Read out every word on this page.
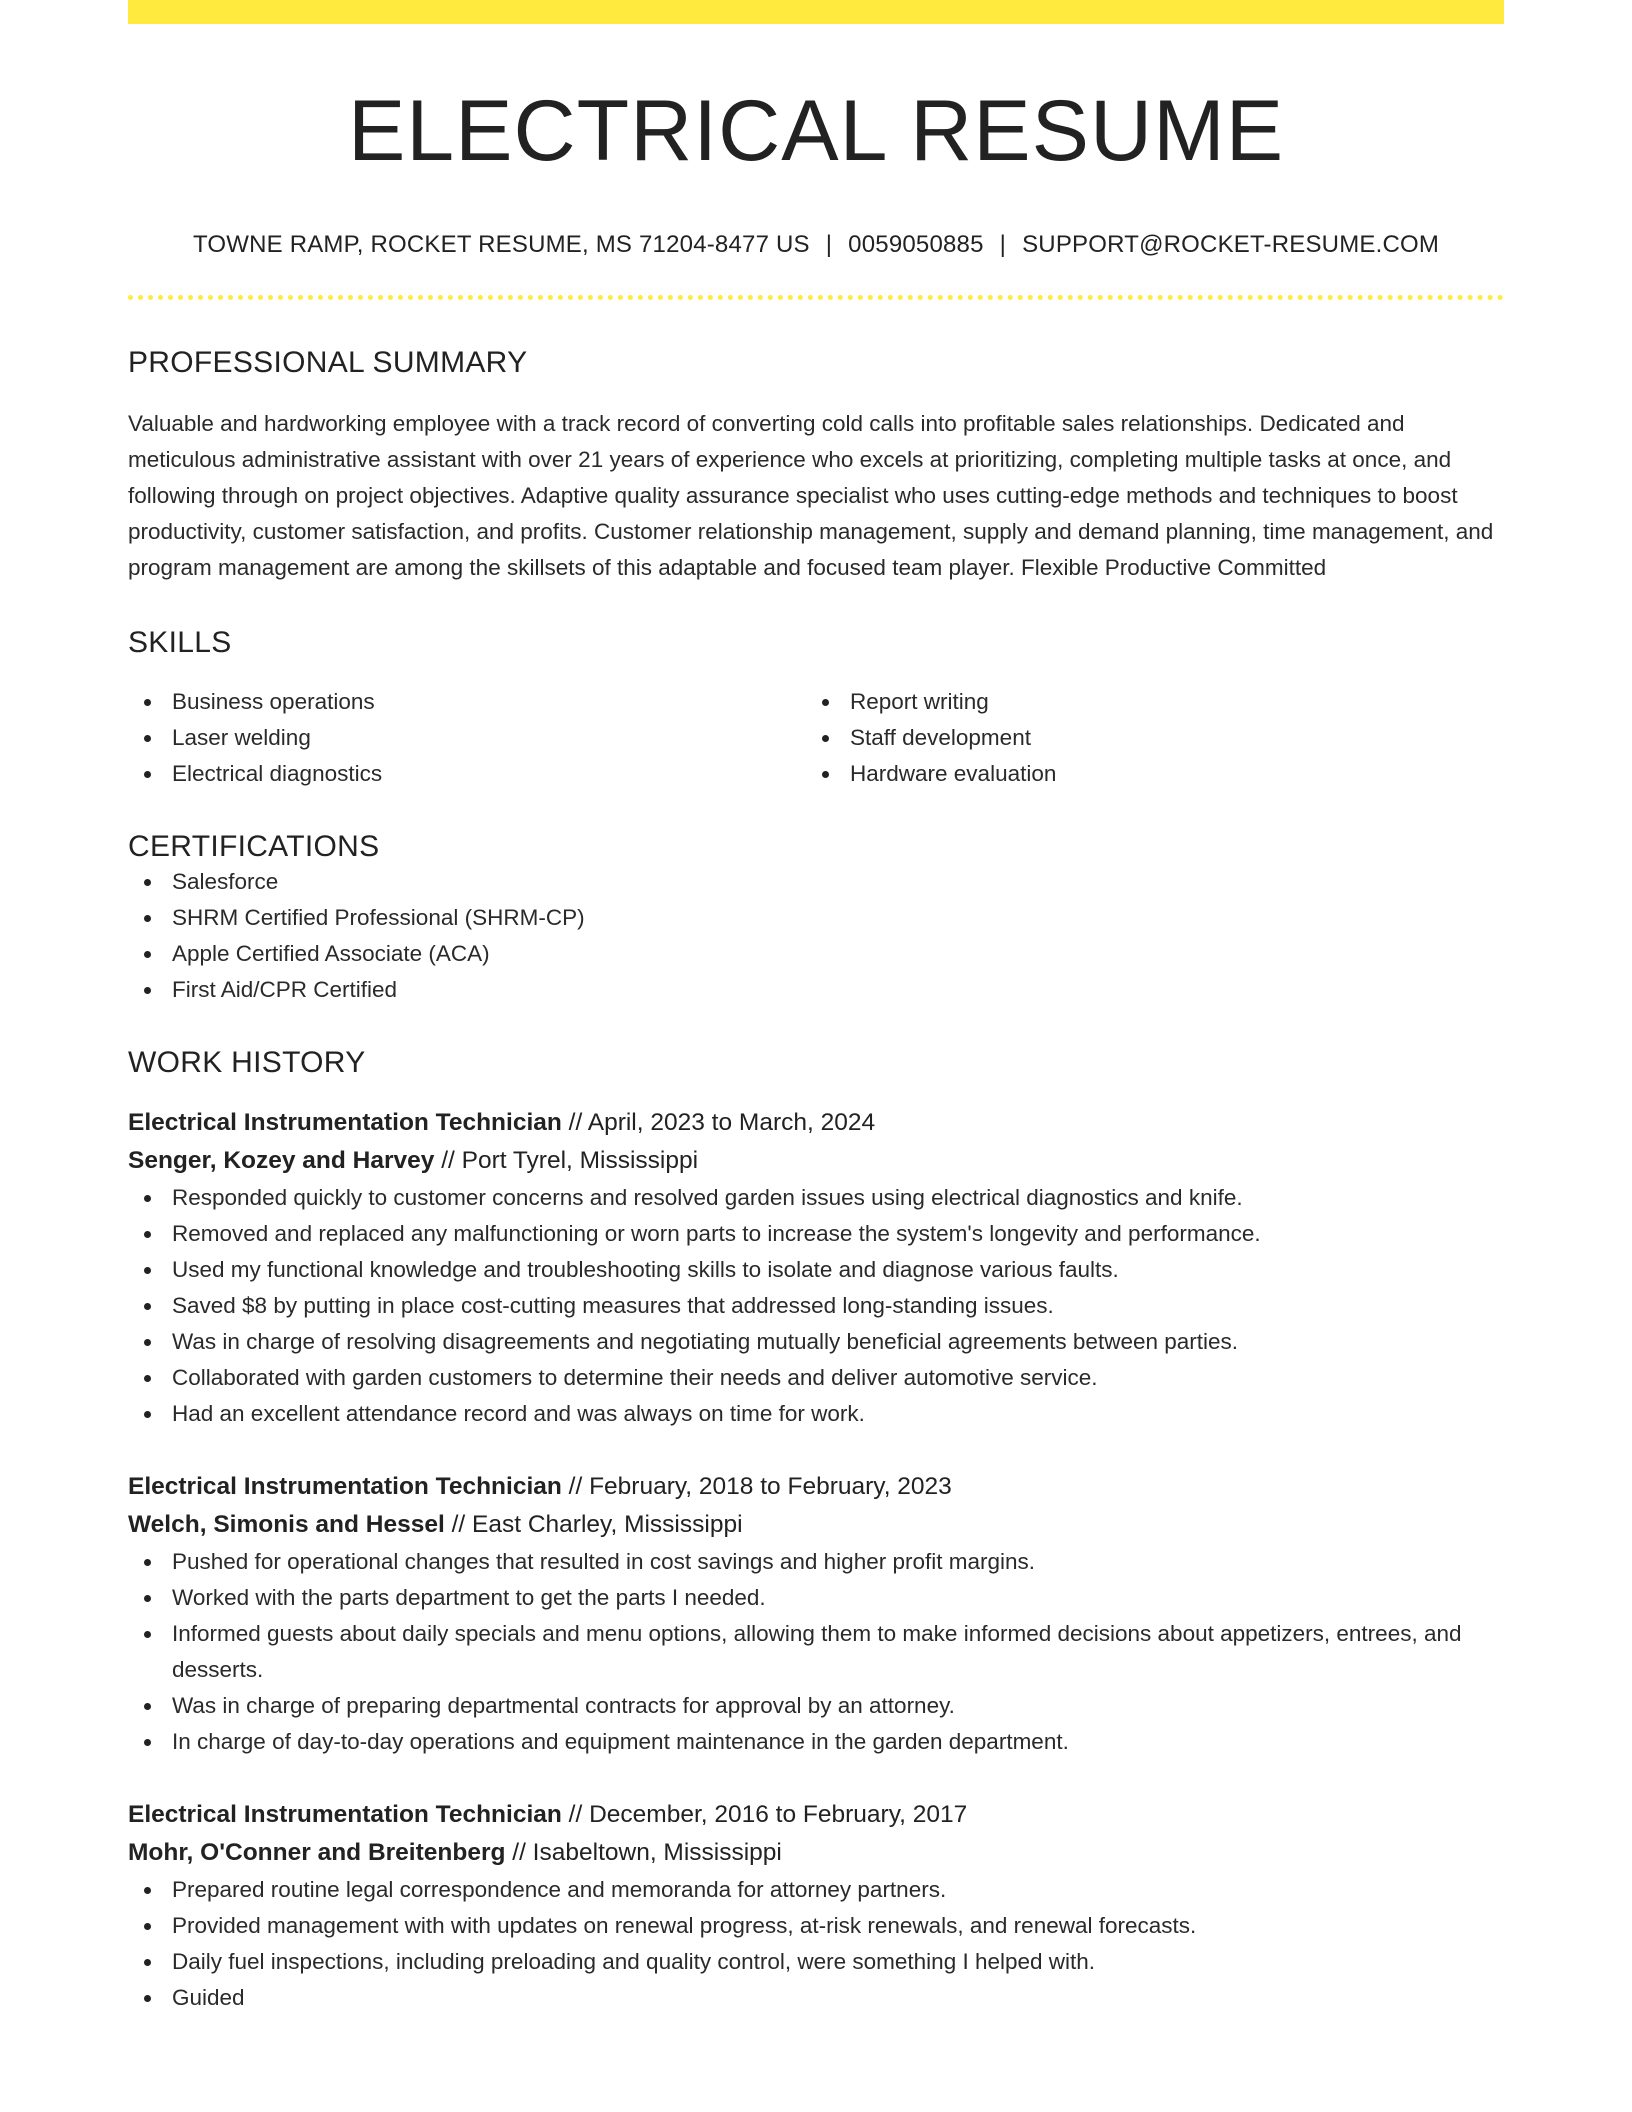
ELECTRICAL RESUME
TOWNE RAMP, ROCKET RESUME, MS 71204-8477 US | 0059050885 | SUPPORT@ROCKET-RESUME.COM
PROFESSIONAL SUMMARY

Valuable and hardworking employee with a track record of converting cold calls into profitable sales relationships. Dedicated and meticulous administrative assistant with over 21 years of experience who excels at prioritizing, completing multiple tasks at once, and following through on project objectives. Adaptive quality assurance specialist who uses cutting-edge methods and techniques to boost productivity, customer satisfaction, and profits. Customer relationship management, supply and demand planning, time management, and program management are among the skillsets of this adaptable and focused team player. Flexible Productive Committed

SKILLS
Business operations
Laser welding
Electrical diagnostics
Report writing
Staff development
Hardware evaluation
CERTIFICATIONS
Salesforce
SHRM Certified Professional (SHRM-CP)
Apple Certified Associate (ACA)
First Aid/CPR Certified
WORK HISTORY
Electrical Instrumentation Technician // April, 2023 to March, 2024
Senger, Kozey and Harvey // Port Tyrel, Mississippi
Responded quickly to customer concerns and resolved garden issues using electrical diagnostics and knife.
Removed and replaced any malfunctioning or worn parts to increase the system's longevity and performance.
Used my functional knowledge and troubleshooting skills to isolate and diagnose various faults.
Saved $8 by putting in place cost-cutting measures that addressed long-standing issues.
Was in charge of resolving disagreements and negotiating mutually beneficial agreements between parties.
Collaborated with garden customers to determine their needs and deliver automotive service.
Had an excellent attendance record and was always on time for work.
Electrical Instrumentation Technician // February, 2018 to February, 2023
Welch, Simonis and Hessel // East Charley, Mississippi
Pushed for operational changes that resulted in cost savings and higher profit margins.
Worked with the parts department to get the parts I needed.
Informed guests about daily specials and menu options, allowing them to make informed decisions about appetizers, entrees, and desserts.
Was in charge of preparing departmental contracts for approval by an attorney.
In charge of day-to-day operations and equipment maintenance in the garden department.
Electrical Instrumentation Technician // December, 2016 to February, 2017
Mohr, O'Conner and Breitenberg // Isabeltown, Mississippi
Prepared routine legal correspondence and memoranda for attorney partners.
Provided management with with updates on renewal progress, at-risk renewals, and renewal forecasts.
Daily fuel inspections, including preloading and quality control, were something I helped with.
Guided
